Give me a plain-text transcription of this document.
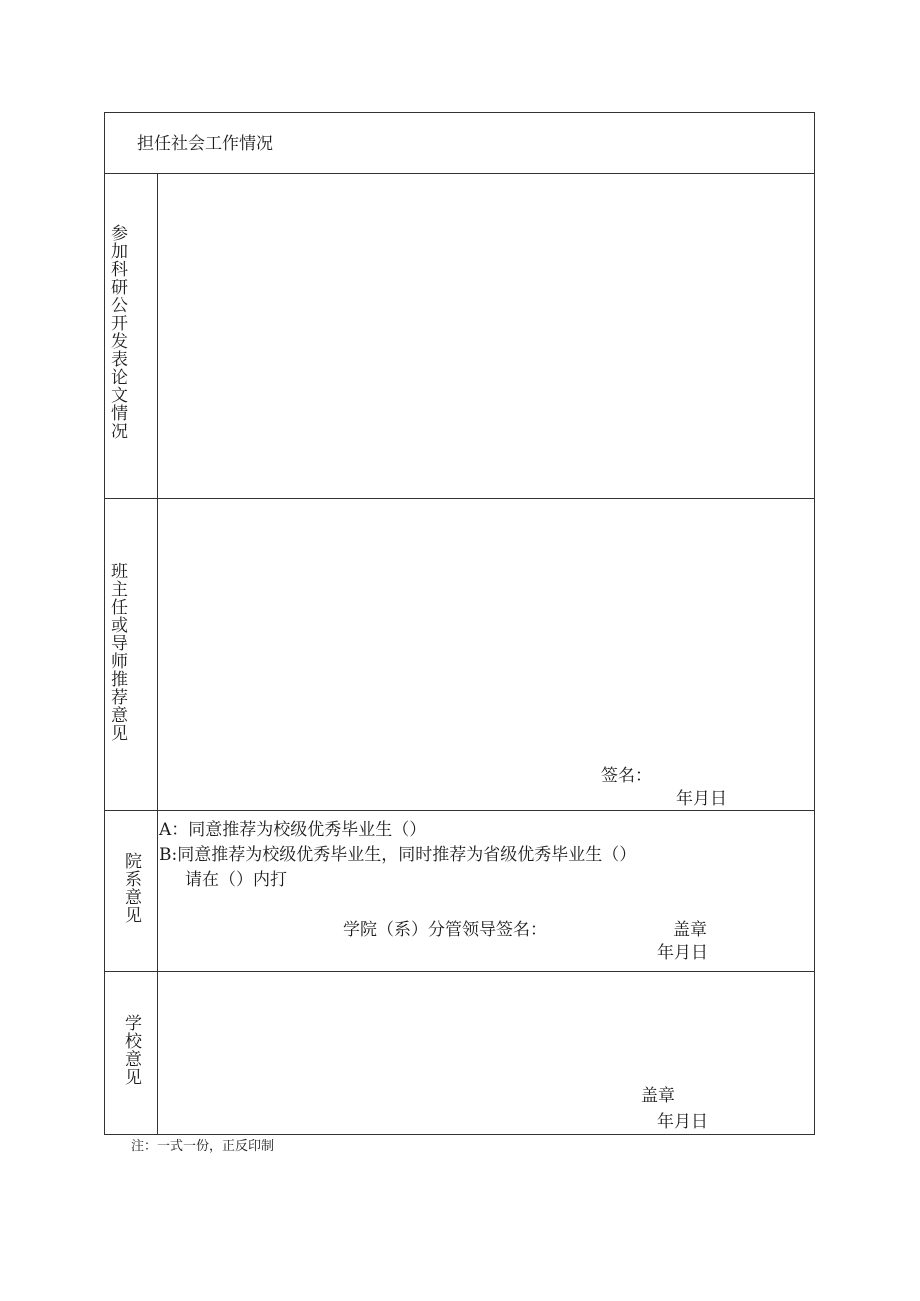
担任社会工作情况
参加科研公开发表论文情况
班主任或导师推荐意见
签名：
年月日
院系意见
A：同意推荐为校级优秀毕业生（）
B:同意推荐为校级优秀毕业生，同时推荐为省级优秀毕业生（）
请在（）内打
学院（系）分管领导签名：	盖章
年月日
学校意见
盖章
年月日
注：一式一份，正反印制
